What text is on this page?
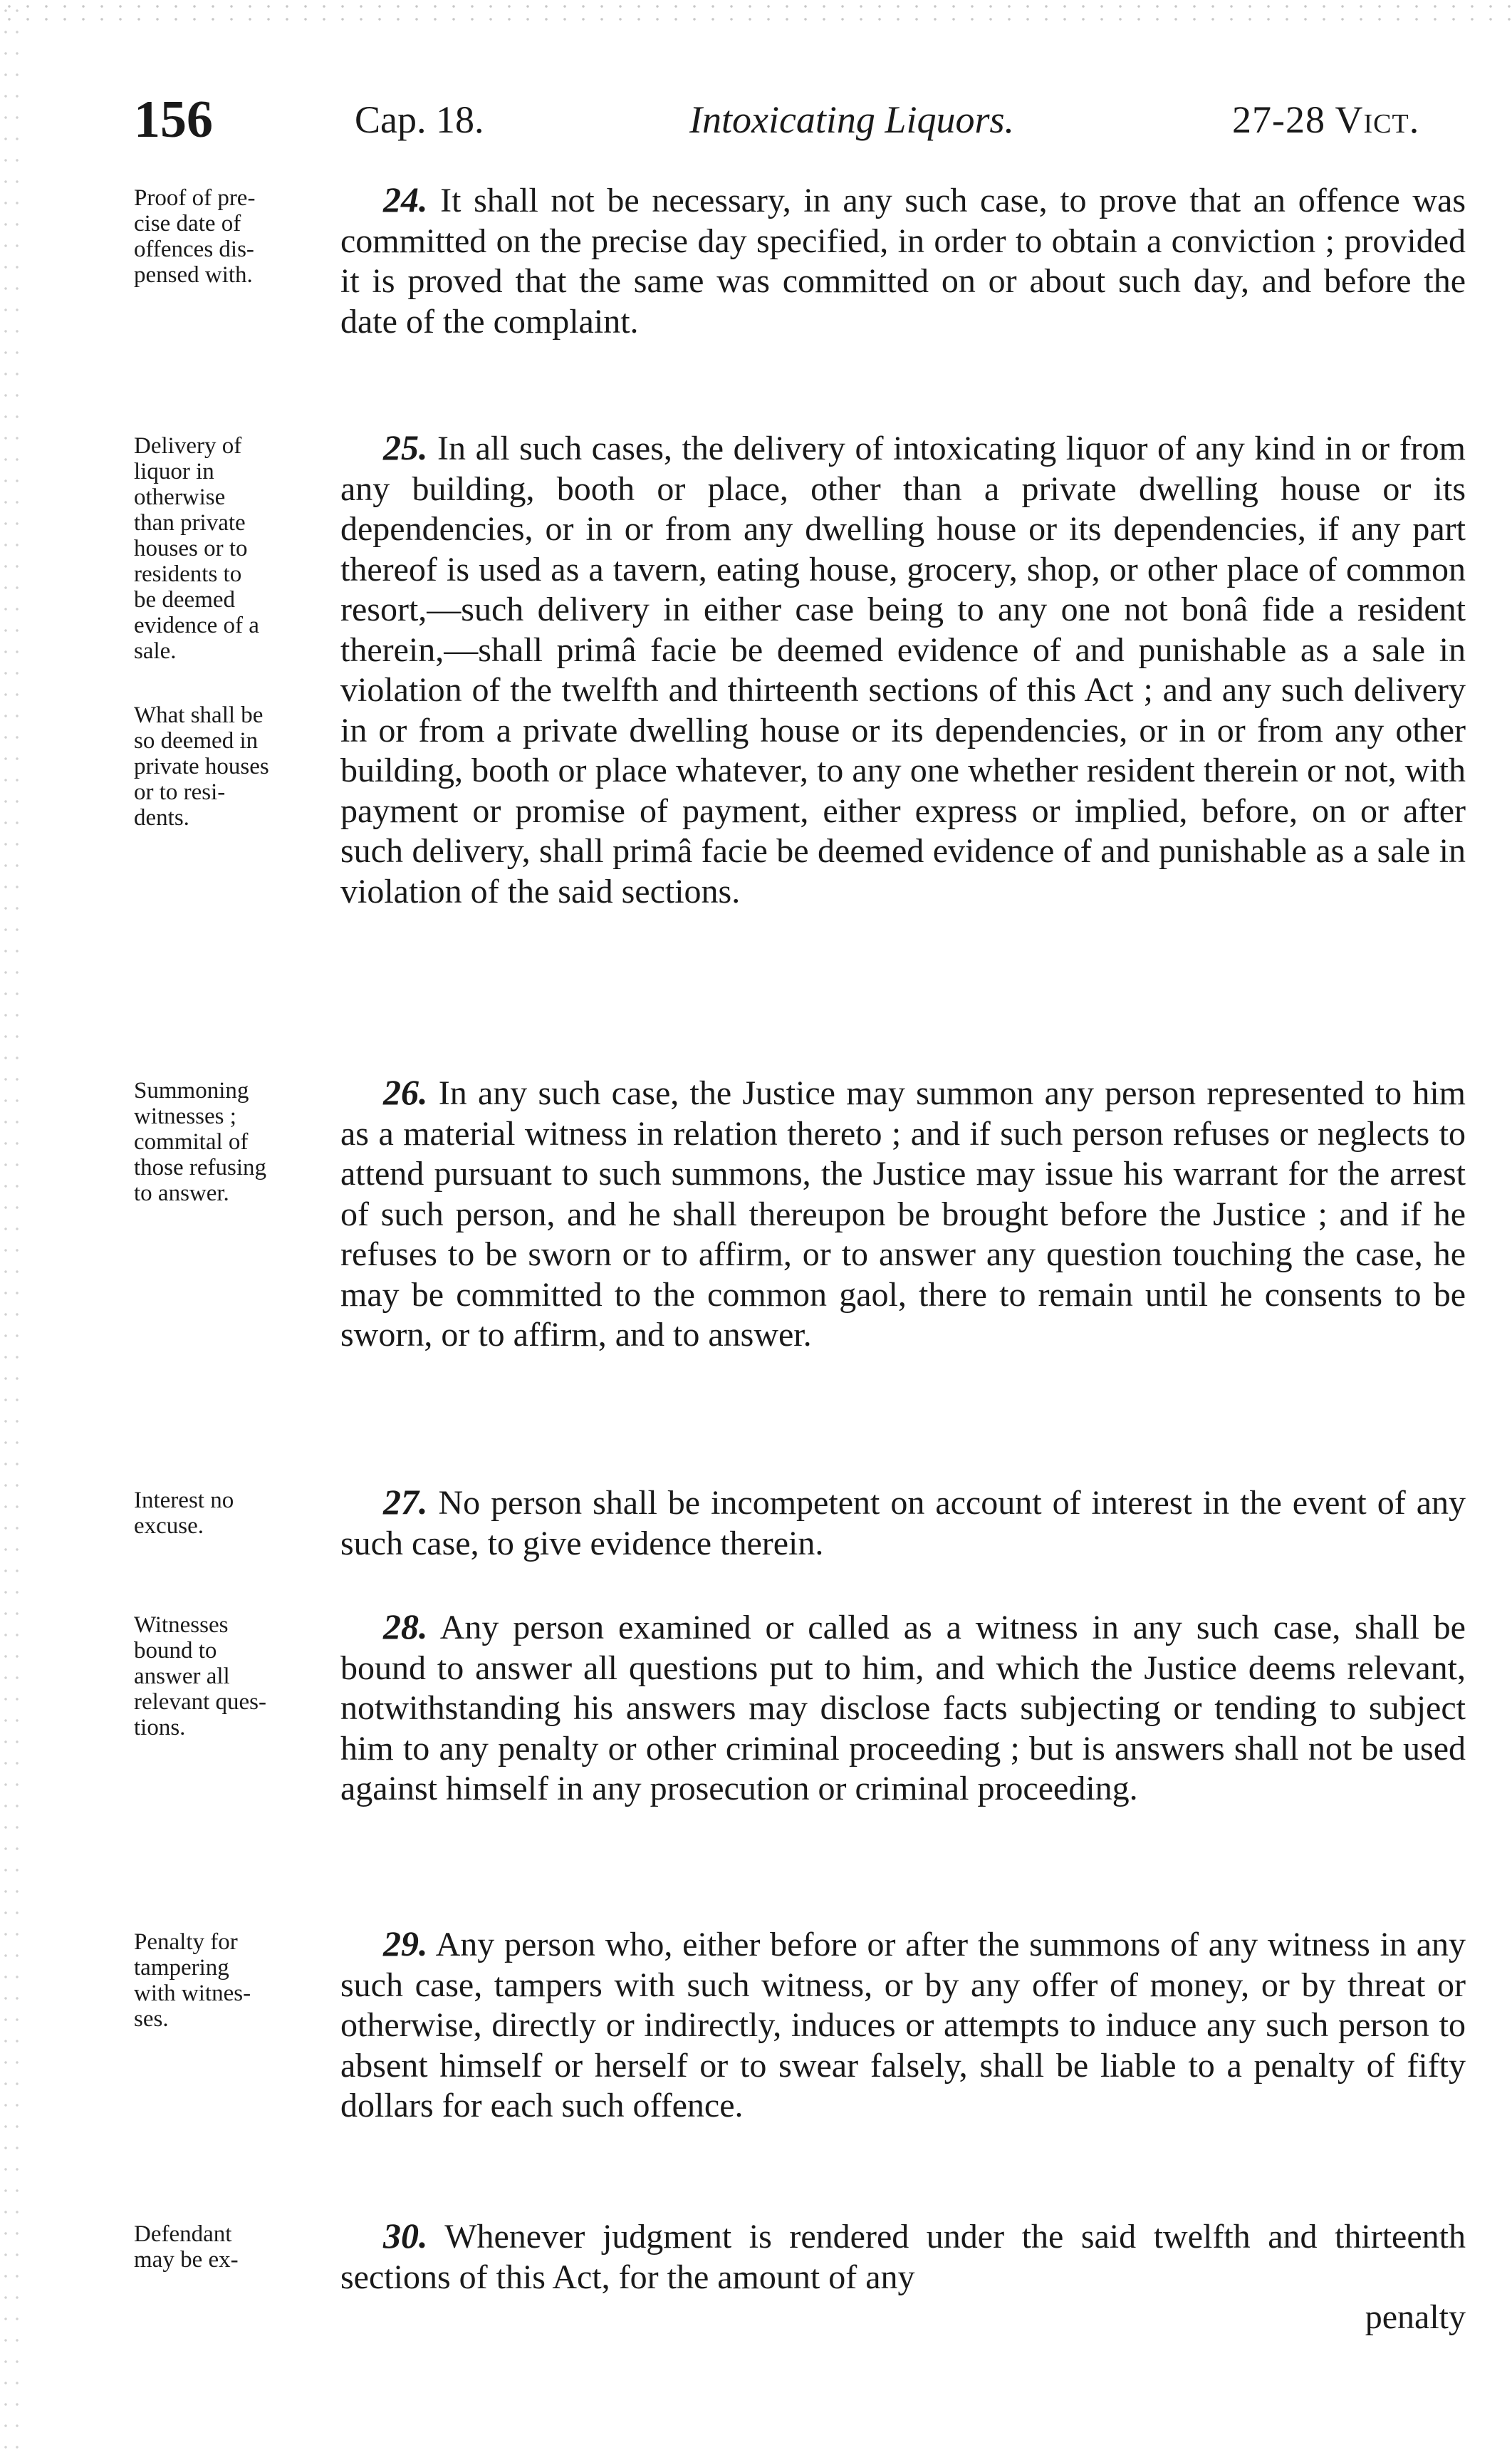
156	Cap. 18.	Intoxicating Liquors.	27-28 Vict.
Proof of pre-
cise date of
offences dis-
pensed with.
24. It shall not be necessary, in any such case, to prove that an offence was committed on the precise day specified, in order to obtain a conviction ; provided it is proved that the same was committed on or about such day, and before the date of the complaint.
Delivery of
liquor in
otherwise
than private
houses or to
residents to
be deemed
evidence of a
sale.
What shall be
so deemed in
private houses
or to resi-
dents.
25. In all such cases, the delivery of intoxicating liquor of any kind in or from any building, booth or place, other than a private dwelling house or its dependencies, or in or from any dwelling house or its dependencies, if any part thereof is used as a tavern, eating house, grocery, shop, or other place of common resort,—such delivery in either case being to any one not bonâ fide a resident therein,—shall primâ facie be deemed evidence of and punishable as a sale in violation of the twelfth and thirteenth sections of this Act ; and any such delivery in or from a private dwelling house or its dependencies, or in or from any other building, booth or place whatever, to any one whether resident therein or not, with payment or promise of payment, either express or implied, before, on or after such delivery, shall primâ facie be deemed evidence of and punishable as a sale in violation of the said sections.
Summoning
witnesses ;
commital of
those refusing
to answer.
26. In any such case, the Justice may summon any person represented to him as a material witness in relation thereto ; and if such person refuses or neglects to attend pursuant to such summons, the Justice may issue his warrant for the arrest of such person, and he shall thereupon be brought before the Justice ; and if he refuses to be sworn or to affirm, or to answer any question touching the case, he may be committed to the common gaol, there to remain until he consents to be sworn, or to affirm, and to answer.
Interest no
excuse.
27. No person shall be incompetent on account of interest in the event of any such case, to give evidence therein.
Witnesses
bound to
answer all
relevant ques-
tions.
28. Any person examined or called as a witness in any such case, shall be bound to answer all questions put to him, and which the Justice deems relevant, notwithstanding his answers may disclose facts subjecting or tending to subject him to any penalty or other criminal proceeding ; but is answers shall not be used against himself in any prosecution or criminal proceeding.
Penalty for
tampering
with witnes-
ses.
29. Any person who, either before or after the summons of any witness in any such case, tampers with such witness, or by any offer of money, or by threat or otherwise, directly or indirectly, induces or attempts to induce any such person to absent himself or herself or to swear falsely, shall be liable to a penalty of fifty dollars for each such offence.
Defendant
may be ex-
30. Whenever judgment is rendered under the said twelfth and thirteenth sections of this Act, for the amount of any
penalty
